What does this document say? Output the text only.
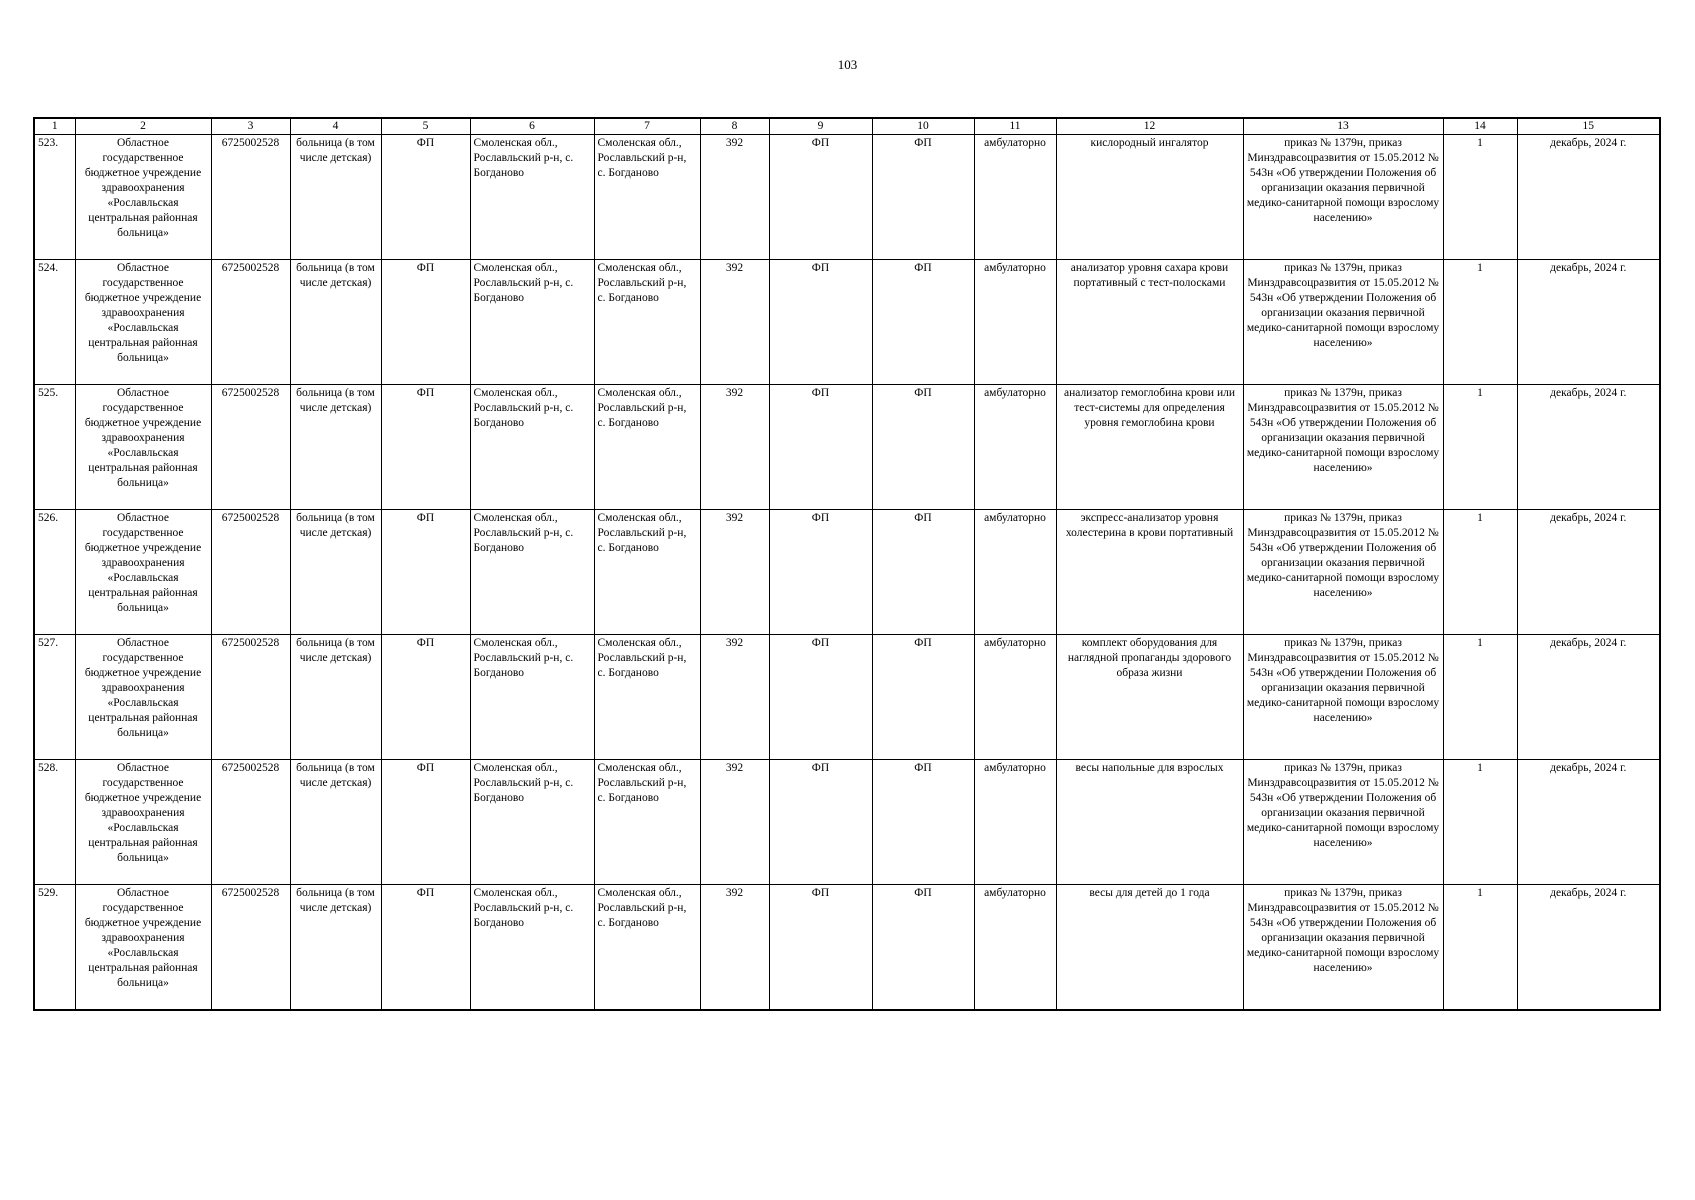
103
1	2	3	4	5	6	7	8	9	10	11	12	13	14	15
523.	Областное государственное бюджетное учреждение здравоохранения «Рославльская центральная районная больница»	6725002528	больница (в том числе детская)	ФП	Смоленская обл., Рославльский р-н, с. Богданово	Смоленская обл., Рославльский р-н, с. Богданово	392	ФП	ФП	амбулаторно	кислородный ингалятор	приказ № 1379н, приказ Минздравсоцразвития от 15.05.2012 № 543н «Об утверждении Положения об организации оказания первичной медико-санитарной помощи взрослому населению»	1	декабрь, 2024 г.
524.	Областное государственное бюджетное учреждение здравоохранения «Рославльская центральная районная больница»	6725002528	больница (в том числе детская)	ФП	Смоленская обл., Рославльский р-н, с. Богданово	Смоленская обл., Рославльский р-н, с. Богданово	392	ФП	ФП	амбулаторно	анализатор уровня сахара крови портативный с тест-полосками	приказ № 1379н, приказ Минздравсоцразвития от 15.05.2012 № 543н «Об утверждении Положения об организации оказания первичной медико-санитарной помощи взрослому населению»	1	декабрь, 2024 г.
525.	Областное государственное бюджетное учреждение здравоохранения «Рославльская центральная районная больница»	6725002528	больница (в том числе детская)	ФП	Смоленская обл., Рославльский р-н, с. Богданово	Смоленская обл., Рославльский р-н, с. Богданово	392	ФП	ФП	амбулаторно	анализатор гемоглобина крови или тест-системы для определения уровня гемоглобина крови	приказ № 1379н, приказ Минздравсоцразвития от 15.05.2012 № 543н «Об утверждении Положения об организации оказания первичной медико-санитарной помощи взрослому населению»	1	декабрь, 2024 г.
526.	Областное государственное бюджетное учреждение здравоохранения «Рославльская центральная районная больница»	6725002528	больница (в том числе детская)	ФП	Смоленская обл., Рославльский р-н, с. Богданово	Смоленская обл., Рославльский р-н, с. Богданово	392	ФП	ФП	амбулаторно	экспресс-анализатор уровня холестерина в крови портативный	приказ № 1379н, приказ Минздравсоцразвития от 15.05.2012 № 543н «Об утверждении Положения об организации оказания первичной медико-санитарной помощи взрослому населению»	1	декабрь, 2024 г.
527.	Областное государственное бюджетное учреждение здравоохранения «Рославльская центральная районная больница»	6725002528	больница (в том числе детская)	ФП	Смоленская обл., Рославльский р-н, с. Богданово	Смоленская обл., Рославльский р-н, с. Богданово	392	ФП	ФП	амбулаторно	комплект оборудования для наглядной пропаганды здорового образа жизни	приказ № 1379н, приказ Минздравсоцразвития от 15.05.2012 № 543н «Об утверждении Положения об организации оказания первичной медико-санитарной помощи взрослому населению»	1	декабрь, 2024 г.
528.	Областное государственное бюджетное учреждение здравоохранения «Рославльская центральная районная больница»	6725002528	больница (в том числе детская)	ФП	Смоленская обл., Рославльский р-н, с. Богданово	Смоленская обл., Рославльский р-н, с. Богданово	392	ФП	ФП	амбулаторно	весы напольные для взрослых	приказ № 1379н, приказ Минздравсоцразвития от 15.05.2012 № 543н «Об утверждении Положения об организации оказания первичной медико-санитарной помощи взрослому населению»	1	декабрь, 2024 г.
529.	Областное государственное бюджетное учреждение здравоохранения «Рославльская центральная районная больница»	6725002528	больница (в том числе детская)	ФП	Смоленская обл., Рославльский р-н, с. Богданово	Смоленская обл., Рославльский р-н, с. Богданово	392	ФП	ФП	амбулаторно	весы для детей до 1 года	приказ № 1379н, приказ Минздравсоцразвития от 15.05.2012 № 543н «Об утверждении Положения об организации оказания первичной медико-санитарной помощи взрослому населению»	1	декабрь, 2024 г.
